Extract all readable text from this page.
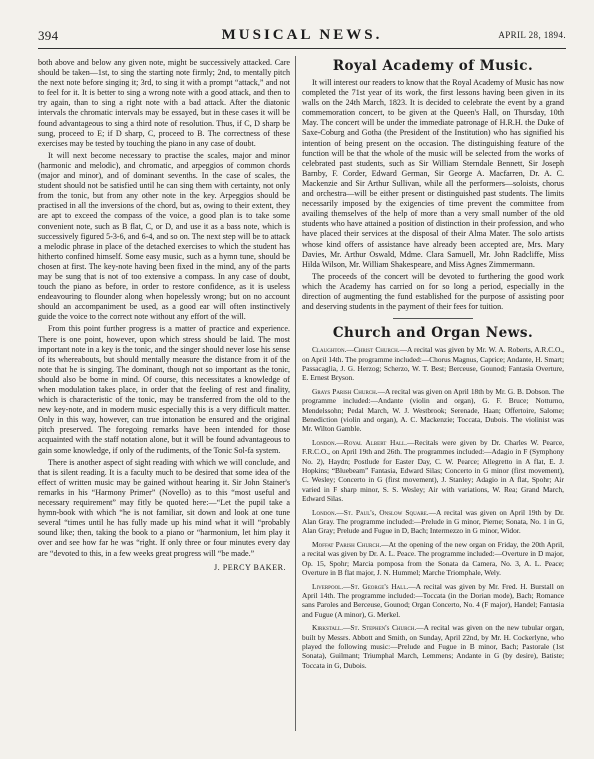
394	MUSICAL NEWS.	APRIL 28, 1894.

both above and below any given note, might be successively attacked. Care should be taken—1st, to sing the starting note firmly; 2nd, to mentally pitch the next note before singing it; 3rd, to sing it with a prompt “attack,” and not to feel for it. It is better to sing a wrong note with a good attack, and then to try again, than to sing a right note with a bad attack. After the diatonic intervals the chromatic intervals may be essayed, but in these cases it will be found advantageous to sing a third note of resolution. Thus, if C, D sharp be sung, proceed to E; if D sharp, C, proceed to B. The correctness of these exercises may be tested by touching the piano in any case of doubt.

It will next become necessary to practise the scales, major and minor (harmonic and melodic), and chromatic, and arpeggios of common chords (major and minor), and of dominant sevenths. In the case of scales, the student should not be satisfied until he can sing them with certainty, not only from the tonic, but from any other note in the key. Arpeggios should be practised in all the inversions of the chord, but as, owing to their extent, they are apt to exceed the compass of the voice, a good plan is to take some convenient note, such as B flat, C, or D, and use it as a bass note, which is successively figured 5-3-6, and 6-4, and so on. The next step will be to attack a melodic phrase in place of the detached exercises to which the student has hitherto confined himself. Some easy music, such as a hymn tune, should be chosen at first. The key-note having been fixed in the mind, any of the parts may be sung that is not of too extensive a compass. In any case of doubt, touch the piano as before, in order to restore confidence, as it is useless endeavouring to flounder along when hopelessly wrong; but on no account should an accompaniment be used, as a good ear will often instinctively guide the voice to the correct note without any effort of the will.

From this point further progress is a matter of practice and experience. There is one point, however, upon which stress should be laid. The most important note in a key is the tonic, and the singer should never lose his sense of its whereabouts, but should mentally measure the distance from it of the note that he is singing. The dominant, though not so important as the tonic, should also be borne in mind. Of course, this necessitates a knowledge of when modulation takes place, in order that the feeling of rest and finality, which is characteristic of the tonic, may be transferred from the old to the new key-note, and in modern music especially this is a very difficult matter. Only in this way, however, can true intonation be ensured and the original pitch preserved. The foregoing remarks have been intended for those acquainted with the staff notation alone, but it will be found advantageous to gain some knowledge, if only of the rudiments, of the Tonic Sol-fa system.

There is another aspect of sight reading with which we will conclude, and that is silent reading. It is a faculty much to be desired that some idea of the effect of written music may be gained without hearing it. Sir John Stainer's remarks in his “Harmony Primer” (Novello) as to this “most useful and necessary requirement” may fitly be quoted here:—“Let the pupil take a hymn-book with which “he is not familiar, sit down and look at one tune several “times until he has fully made up his mind what it will “probably sound like; then, taking the book to a piano or “harmonium, let him play it over and see how far he was “right. If only three or four minutes every day are “devoted to this, in a few weeks great progress will “be made.”

J. PERCY BAKER.
Royal Academy of Music.

It will interest our readers to know that the Royal Academy of Music has now completed the 71st year of its work, the first lessons having been given in its walls on the 24th March, 1823. It is decided to celebrate the event by a grand commemoration concert, to be given at the Queen's Hall, on Thursday, 10th May. The concert will be under the immediate patronage of H.R.H. the Duke of Saxe-Coburg and Gotha (the President of the Institution) who has signified his intention of being present on the occasion. The distinguishing feature of the function will be that the whole of the music will be selected from the works of celebrated past students, such as Sir William Sterndale Bennett, Sir Joseph Barnby, F. Corder, Edward German, Sir George A. Macfarren, Dr. A. C. Mackenzie and Sir Arthur Sullivan, while all the performers—soloists, chorus and orchestra—will be either present or distinguished past students. The limits necessarily imposed by the exigencies of time prevent the committee from availing themselves of the help of more than a very small number of the old students who have attained a position of distinction in their profession, and who have placed their services at the disposal of their Alma Mater. The solo artists whose kind offers of assistance have already been accepted are, Mrs. Mary Davies, Mr. Arthur Oswald, Mdme. Clara Samuell, Mr. John Radcliffe, Miss Hilda Wilson, Mr. William Shakespeare, and Miss Agnes Zimmermann.

The proceeds of the concert will be devoted to furthering the good work which the Academy has carried on for so long a period, especially in the direction of augmenting the fund established for the purpose of assisting poor and deserving students in the payment of their fees for tuition.

Church and Organ News.

Claughton.—Christ Church.—A recital was given by Mr. W. A. Roberts, A.R.C.O., on April 14th. The programme included:—Chorus Magnus, Caprice; Andante, H. Smart; Passacaglia, J. G. Herzog; Scherzo, W. T. Best; Berceuse, Gounod; Fantasia Overture, E. Ernest Bryson.

Grays Parish Church.—A recital was given on April 18th by Mr. G. B. Dobson. The programme included:—Andante (violin and organ), G. F. Bruce; Notturno, Mendelssohn; Pedal March, W. J. Westbrook; Serenade, Haan; Offertoire, Salome; Benediction (violin and organ), A. C. Mackenzie; Toccata, Dubois. The violinist was Mr. Wilton Gamble.

London.—Royal Albert Hall.—Recitals were given by Dr. Charles W. Pearce, F.R.C.O., on April 19th and 26th. The programmes included:—Adagio in F (Symphony No. 2), Haydn; Postlude for Easter Day, C. W. Pearce; Allegretto in A flat, E. J. Hopkins; “Bluebeam” Fantasia, Edward Silas; Concerto in G minor (first movement), C. Wesley; Concerto in G (first movement), J. Stanley; Adagio in A flat, Spohr; Air varied in F sharp minor, S. S. Wesley; Air with variations, W. Rea; Grand March, Edward Silas.

London.—St. Paul's, Onslow Square.—A recital was given on April 19th by Dr. Alan Gray. The programme included:—Prelude in G minor, Pierne; Sonata, No. 1 in G, Alan Gray; Prelude and Fugue in D, Bach; Intermezzo in G minor, Widor.

Moffat Parish Church.—At the opening of the new organ on Friday, the 20th April, a recital was given by Dr. A. L. Peace. The programme included:—Overture in D major, Op. 15, Spohr; Marcia pomposa from the Sonata da Camera, No. 3, A. L. Peace; Overture in B flat major, J. N. Hummel; Marche Triomphale, Wely.

Liverpool.—St. George's Hall.—A recital was given by Mr. Fred. H. Burstall on April 14th. The programme included:—Toccata (in the Dorian mode), Bach; Romance sans Paroles and Berceuse, Gounod; Organ Concerto, No. 4 (F major), Handel; Fantasia and Fugue (A minor), G. Merkel.

Kirkstall.—St. Stephen's Church.—A recital was given on the new tubular organ, built by Messrs. Abbott and Smith, on Sunday, April 22nd, by Mr. H. Cockerlyne, who played the following music:—Prelude and Fugue in B minor, Bach; Pastorale (1st Sonata), Guilmant; Triumphal March, Lemmens; Andante in G (by desire), Batiste; Toccata in G, Dubois.
